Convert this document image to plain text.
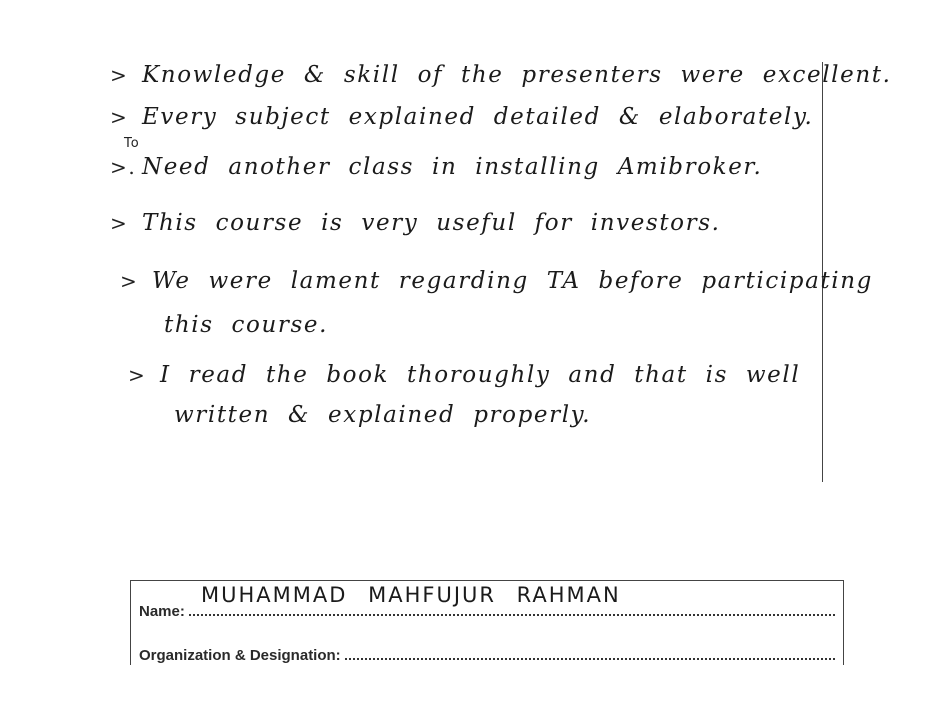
> Knowledge & skill of the presenters were excellent.
> Every subject explained detailed & elaborately.
To
>. Need another class in installing Amibroker.
> This course is very useful for investors.
> We were lament regarding TA before participating
this course.
> I read the book thoroughly and that is well
written & explained properly.
MUHAMMAD MAHFUJUR RAHMAN
Name:
Organization & Designation:
